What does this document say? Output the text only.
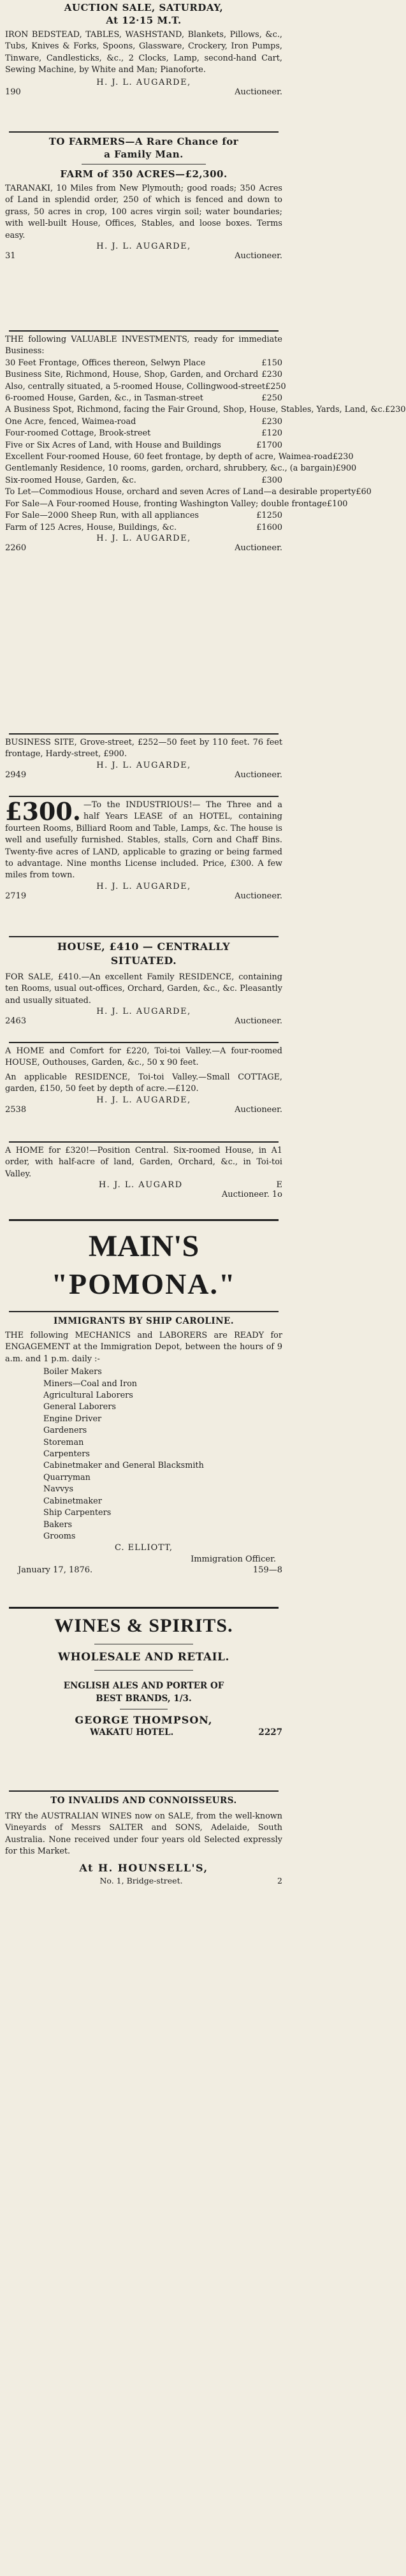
AUCTION SALE, SATURDAY,
At 12·15 M.T.
IRON BEDSTEAD, TABLES, WASHSTAND, Blankets, Pillows, &c., Tubs, Knives & Forks, Spoons, Glassware, Crockery, Iron Pumps, Tinware, Candlesticks, &c., 2 Clocks, Lamp, second-hand Cart, Sewing Machine, by White and Man; Pianoforte.
H. J. L. AUGARDE,
190	Auctioneer.
TO FARMERS—A Rare Chance for
a Family Man.
FARM of 350 ACRES—£2,300.
TARANAKI, 10 Miles from New Plymouth; good roads; 350 Acres of Land in splendid order, 250 of which is fenced and down to grass, 50 acres in crop, 100 acres virgin soil; water boundaries; with well-built House, Offices, Stables, and loose boxes. Terms easy.
H. J. L. AUGARDE,
31	Auctioneer.
THE following VALUABLE INVESTMENTS, ready for immediate Business:
30 Feet Frontage, Offices thereon, Selwyn Place	£150
Business Site, Richmond, House, Shop, Garden, and Orchard £230
Also, centrally situated, a 5-roomed House, Collingwood-street £250
6-roomed House, Garden, &c., in Tasman-street	£250
A Business Spot, Richmond, facing the Fair Ground, Shop, House, Stables, Yards, Land, &c. £230
One Acre, fenced, Waimea-road	£230
Four-roomed Cottage, Brook-street	£120
Five or Six Acres of Land, with House and Buildings	£1700
Excellent Four-roomed House, 60 feet frontage, by depth of acre, Waimea-road £230
Gentlemanly Residence, 10 rooms, garden, orchard, shrubbery, &c., (a bargain) £900
Six-roomed House, Garden, &c.	£300
To Let—Commodious House, orchard and seven Acres of Land—a desirable property £60
For Sale—A Four-roomed House, fronting Washington Valley; double frontage £100
For Sale—2000 Sheep Run, with all appliances	£1250
Farm of 125 Acres, House, Buildings, &c.	£1600
H. J. L. AUGARDE,
2260	Auctioneer.
BUSINESS SITE, Grove-street, £252—50 feet by 110 feet. 76 feet frontage, Hardy-street, £900.
H. J. L. AUGARDE,
2949	Auctioneer.
£300. —To the INDUSTRIOUS!— The Three and a half Years LEASE of an HOTEL, containing fourteen Rooms, Billiard Room and Table, Lamps, &c. The house is well and usefully furnished. Stables, stalls, Corn and Chaff Bins. Twenty-five acres of LAND, applicable to grazing or being farmed to advantage. Nine months License included. Price, £300. A few miles from town.
H. J. L. AUGARDE,
2719	Auctioneer.
HOUSE, £410 — CENTRALLY
SITUATED.
FOR SALE, £410.—An excellent Family RESIDENCE, containing ten Rooms, usual out-offices, Orchard, Garden, &c., &c. Pleasantly and usually situated.
H. J. L. AUGARDE,
2463	Auctioneer.
A HOME and Comfort for £220, Toi-toi Valley.—A four-roomed HOUSE, Outhouses, Garden, &c., 50 x 90 feet.
An applicable RESIDENCE, Toi-toi Valley.—Small COTTAGE, garden, £150, 50 feet by depth of acre.—£120.
H. J. L. AUGARDE,
2538	Auctioneer.
A HOME for £320!—Position Central. Six-roomed House, in A1 order, with half-acre of land, Garden, Orchard, &c., in Toi-toi Valley.
H. J. L. AUGARD	E
Auctioneer. 1o
MAIN'S
"POMONA."
IMMIGRANTS BY SHIP CAROLINE.
THE following MECHANICS and LABORERS are READY for ENGAGEMENT at the Immigration Depot, between the hours of 9 a.m. and 1 p.m. daily :-
Boiler Makers
Miners—Coal and Iron
Agricultural Laborers
General Laborers
Engine Driver
Gardeners
Storeman
Carpenters
Cabinetmaker and General Blacksmith
Quarryman
Navvys
Cabinetmaker
Ship Carpenters
Bakers
Grooms
C. ELLIOTT,
Immigration Officer.
January 17, 1876.	159—8
WINES & SPIRITS.
WHOLESALE AND RETAIL.
ENGLISH ALES AND PORTER OF
BEST BRANDS, 1/3.
GEORGE THOMPSON,
WAKATU HOTEL.	2227
TO INVALIDS AND CONNOISSEURS.
TRY the AUSTRALIAN WINES now on SALE, from the well-known Vineyards of Messrs SALTER and SONS, Adelaide, South Australia. None received under four years old Selected expressly for this Market.
At H. HOUNSELL'S,
No. 1, Bridge-street.	2
